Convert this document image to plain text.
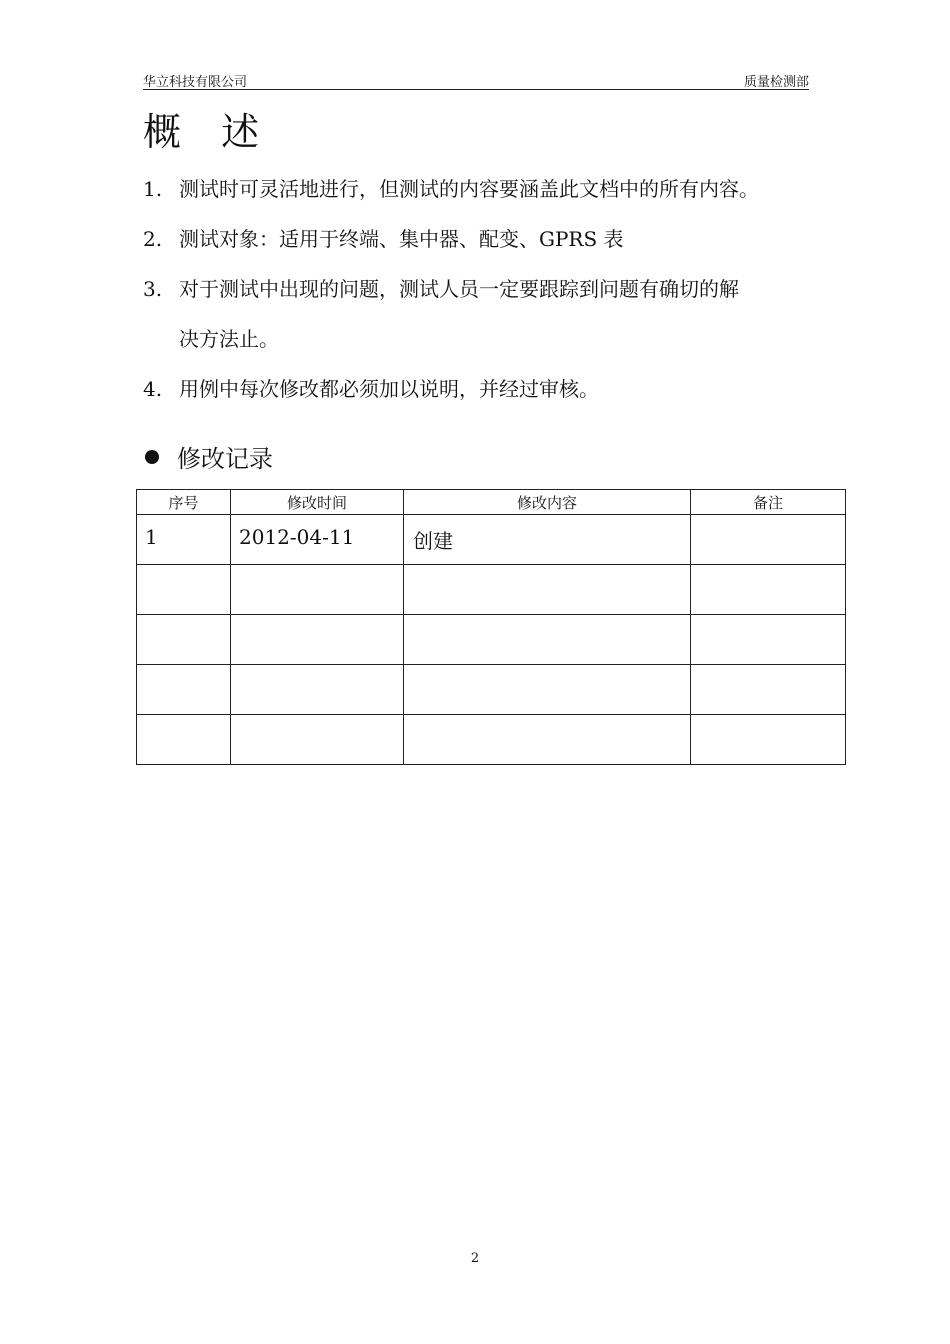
华立科技有限公司	质量检测部
概 述
1. 测试时可灵活地进行，但测试的内容要涵盖此文档中的所有内容。
2. 测试对象：适用于终端、集中器、配变、GPRS 表
3. 对于测试中出现的问题，测试人员一定要跟踪到问题有确切的解
决方法止。
4. 用例中每次修改都必须加以说明，并经过审核。
修改记录
序号	修改时间	修改内容	备注
1	2012-04-11	创建	

2
